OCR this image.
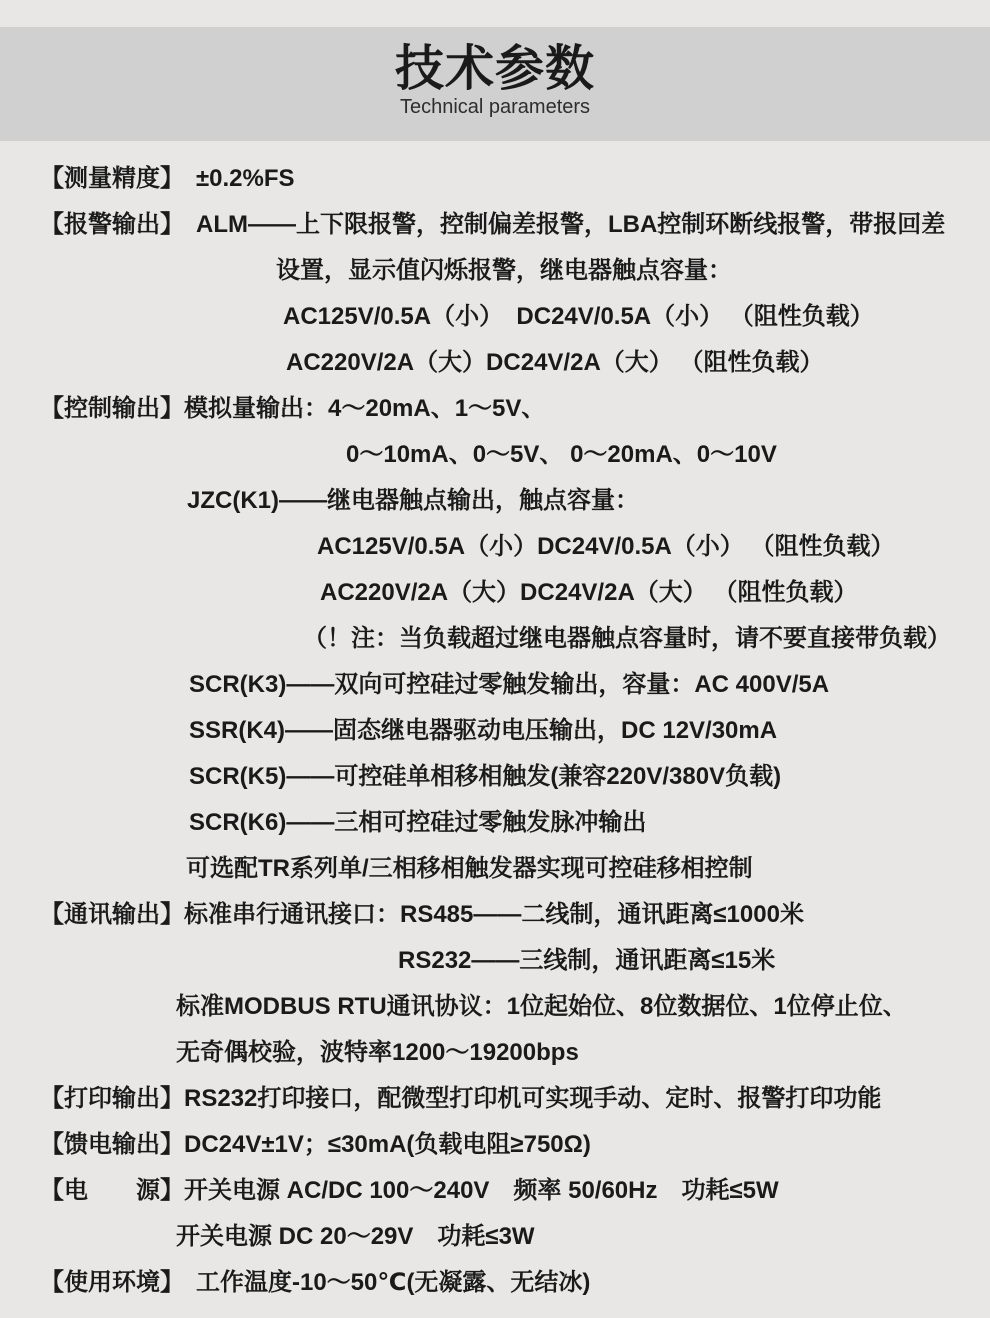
技术参数
Technical parameters
【测量精度】　±0.2%FS
【报警输出】　ALM——上下限报警，控制偏差报警，LBA控制环断线报警，带报回差
设置，显示值闪烁报警，继电器触点容量：
AC125V/0.5A（小）  DC24V/0.5A（小） （阻性负载）
AC220V/2A（大）DC24V/2A（大） （阻性负载）
【控制输出】模拟量输出：4～20mA、1～5V、
0～10mA、0～5V、 0～20mA、0～10V
JZC(K1)——继电器触点输出，触点容量：
AC125V/0.5A（小）DC24V/0.5A（小） （阻性负载）
AC220V/2A（大）DC24V/2A（大） （阻性负载）
（！注：当负载超过继电器触点容量时，请不要直接带负载）
SCR(K3)——双向可控硅过零触发输出，容量：AC 400V/5A
SSR(K4)——固态继电器驱动电压输出，DC 12V/30mA
SCR(K5)——可控硅单相移相触发(兼容220V/380V负载)
SCR(K6)——三相可控硅过零触发脉冲输出
可选配TR系列单/三相移相触发器实现可控硅移相控制
【通讯输出】标准串行通讯接口：RS485——二线制，通讯距离≤1000米
RS232——三线制，通讯距离≤15米
标准MODBUS RTU通讯协议：1位起始位、8位数据位、1位停止位、
无奇偶校验，波特率1200～19200bps
【打印输出】RS232打印接口，配微型打印机可实现手动、定时、报警打印功能
【馈电输出】DC24V±1V；≤30mA(负载电阻≥750Ω)
【电　　源】开关电源 AC/DC 100～240V　频率 50/60Hz　功耗≤5W
开关电源 DC 20～29V　功耗≤3W
【使用环境】　工作温度-10～50℃(无凝露、无结冰)
